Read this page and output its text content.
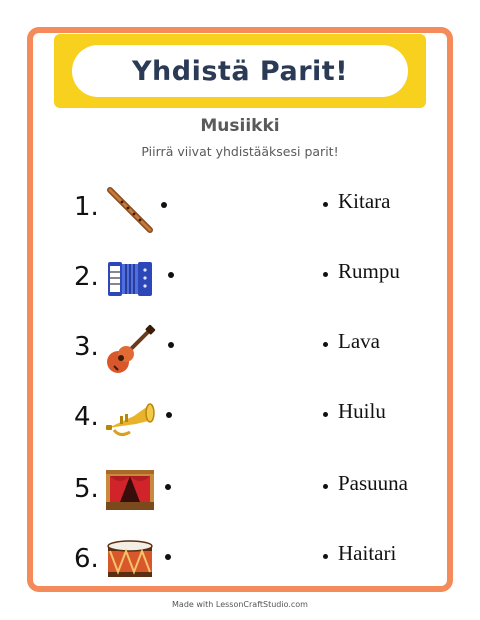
Yhdistä Parit!
Musiikki
Piirrä viivat yhdistääksesi parit!
1.	Kitara
2.	Rumpu
3.	Lava
4.	Huilu
5.	Pasuuna
6.	Haitari
Made with LessonCraftStudio.com
